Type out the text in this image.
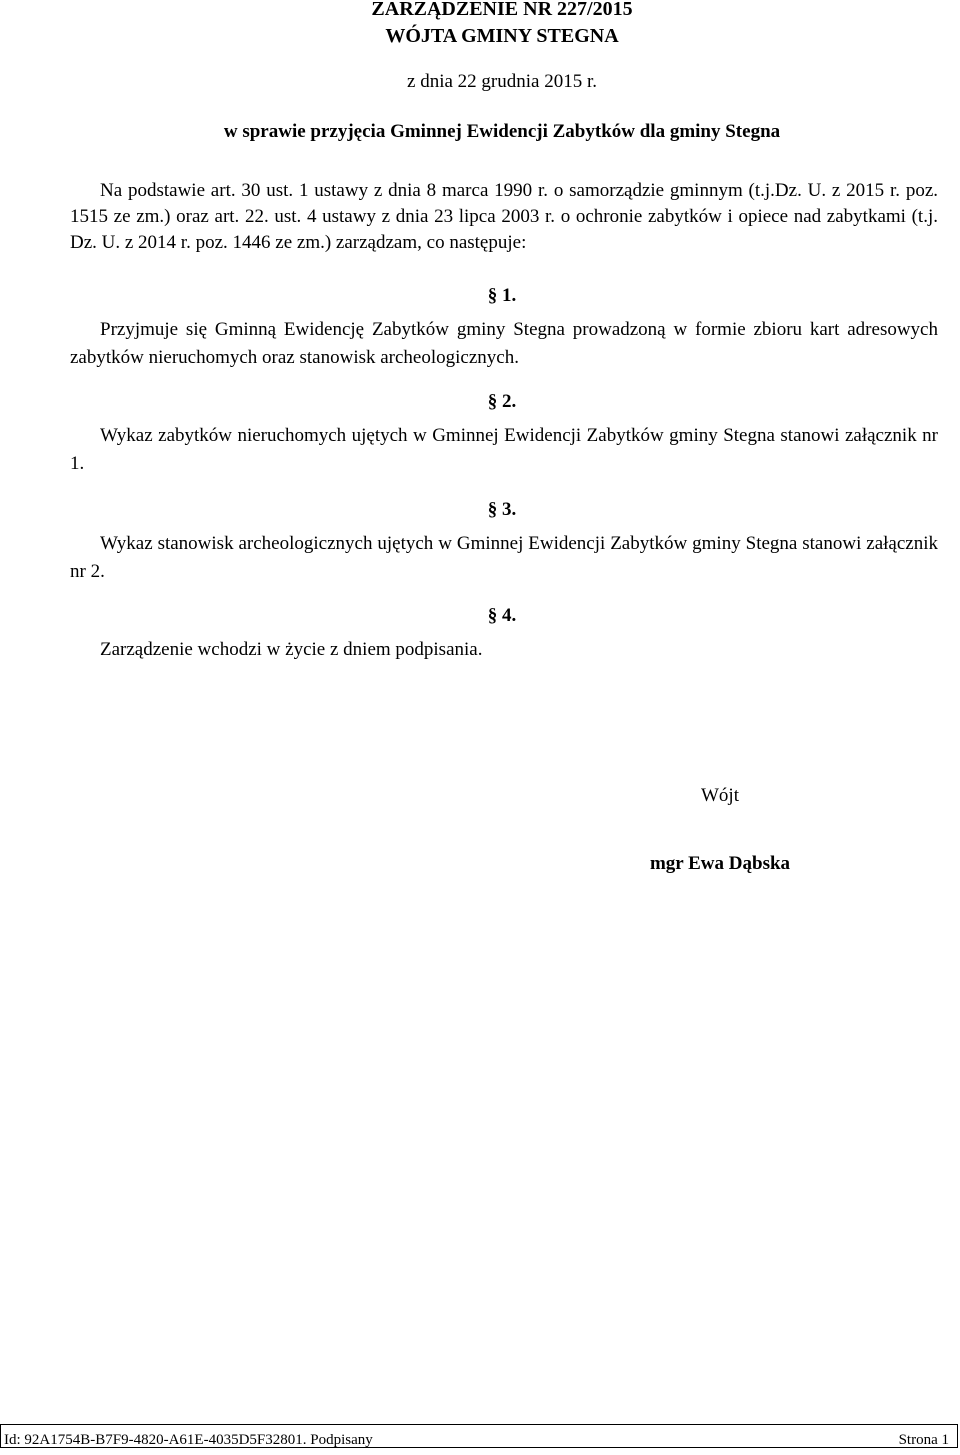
ZARZĄDZENIE NR 227/2015
WÓJTA GMINY STEGNA
z dnia 22 grudnia 2015 r.
w sprawie przyjęcia Gminnej Ewidencji Zabytków dla gminy Stegna

Na podstawie art. 30 ust. 1 ustawy z dnia 8 marca 1990 r. o samorządzie gminnym (t.j.Dz. U. z 2015 r. poz. 1515 ze zm.) oraz art. 22. ust. 4 ustawy z dnia 23 lipca 2003 r. o ochronie zabytków i opiece nad zabytkami (t.j. Dz. U. z 2014 r. poz. 1446 ze zm.) zarządzam, co następuje:

§ 1.

Przyjmuje się Gminną Ewidencję Zabytków gminy Stegna prowadzoną w formie zbioru kart adresowych zabytków nieruchomych oraz stanowisk archeologicznych.

§ 2.

Wykaz zabytków nieruchomych ujętych w Gminnej Ewidencji Zabytków gminy Stegna stanowi załącznik nr 1.

§ 3.

Wykaz stanowisk archeologicznych ujętych w Gminnej Ewidencji Zabytków gminy Stegna stanowi załącznik nr 2.

§ 4.

Zarządzenie wchodzi w życie z dniem podpisania.

Wójt
mgr Ewa Dąbska
Id: 92A1754B-B7F9-4820-A61E-4035D5F32801. Podpisany	Strona 1
